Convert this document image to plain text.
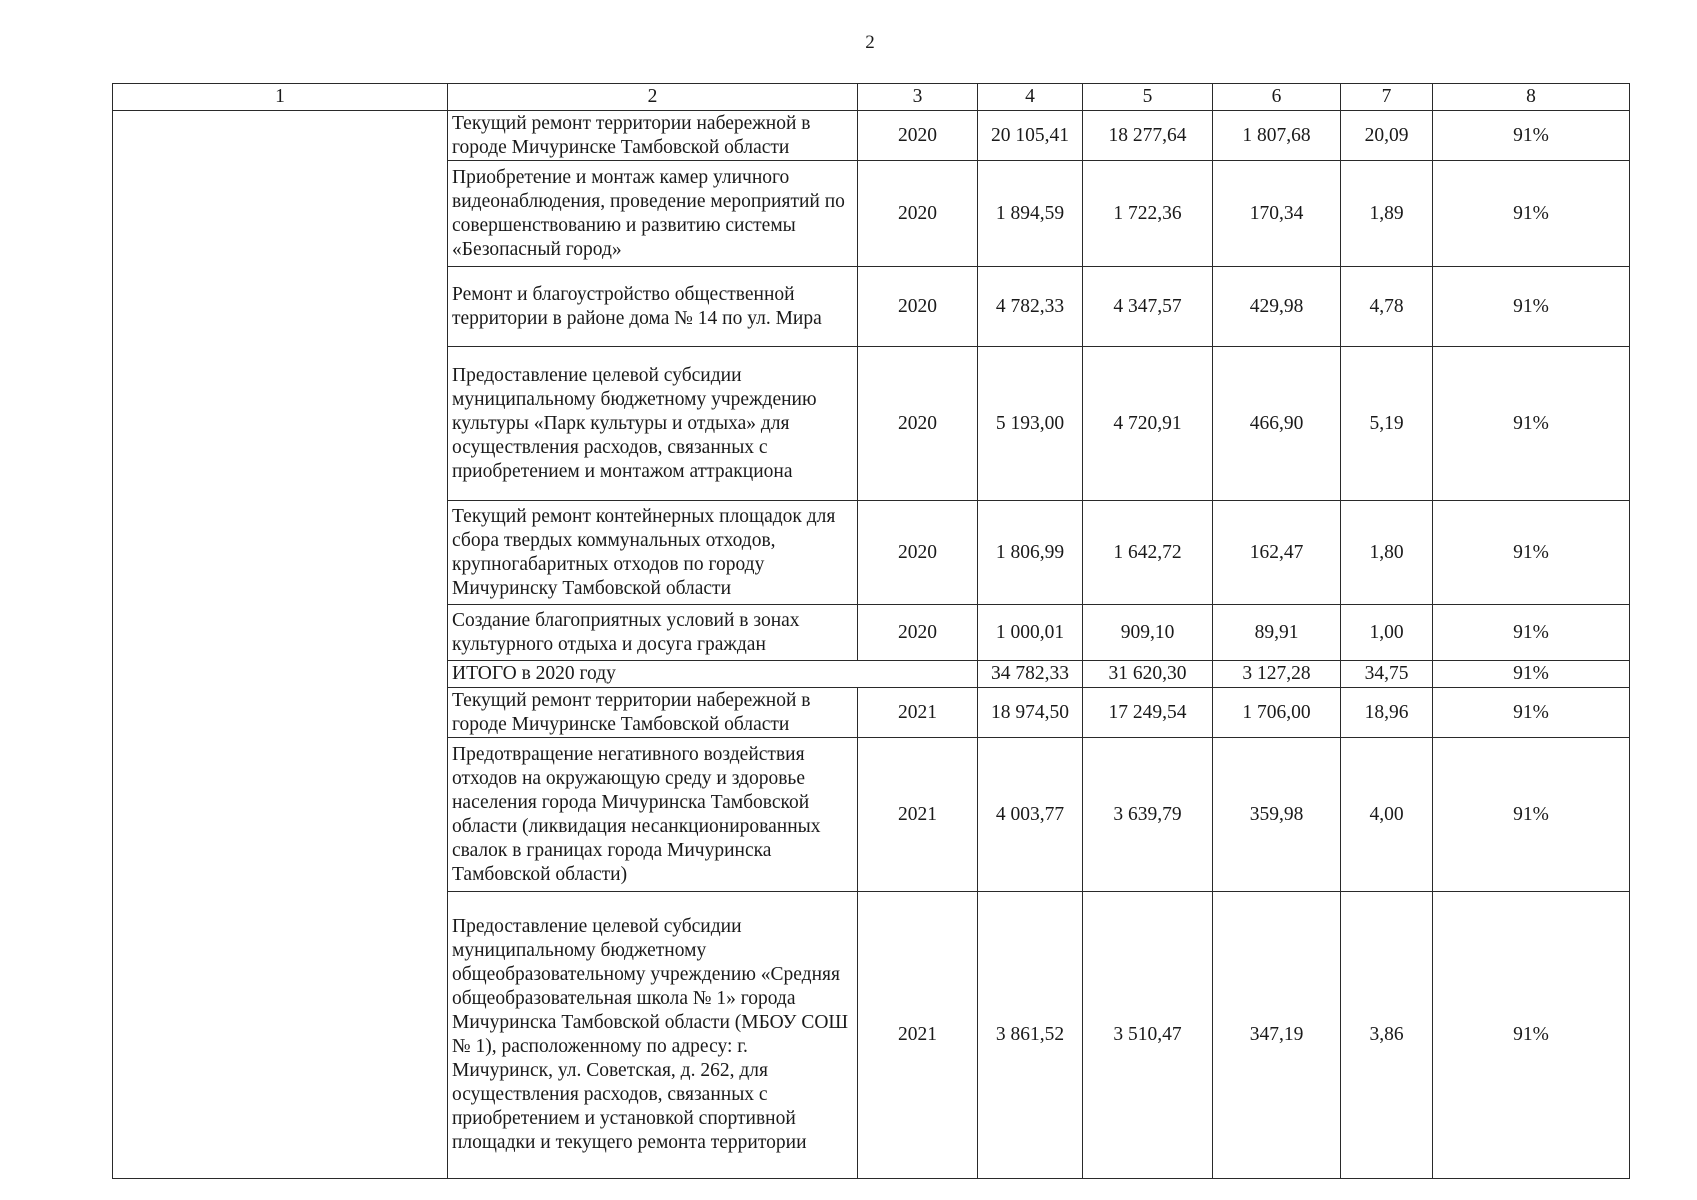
2
1	2	3	4	5	6	7	8
	Текущий ремонт территории набережной в городе Мичуринске Тамбовской области	2020	20 105,41	18 277,64	1 807,68	20,09	91%
	Приобретение и монтаж камер уличного видеонаблюдения, проведение мероприятий по совершенствованию и развитию системы «Безопасный город»	2020	1 894,59	1 722,36	170,34	1,89	91%
	Ремонт и благоустройство общественной территории в районе дома № 14 по ул. Мира	2020	4 782,33	4 347,57	429,98	4,78	91%
	Предоставление целевой субсидии муниципальному бюджетному учреждению культуры «Парк культуры и отдыха» для осуществления расходов, связанных с приобретением и монтажом аттракциона	2020	5 193,00	4 720,91	466,90	5,19	91%
	Текущий ремонт контейнерных площадок для сбора твердых коммунальных отходов, крупногабаритных отходов по городу Мичуринску Тамбовской области	2020	1 806,99	1 642,72	162,47	1,80	91%
	Создание благоприятных условий в зонах культурного отдыха и досуга граждан	2020	1 000,01	909,10	89,91	1,00	91%
	ИТОГО в 2020 году		34 782,33	31 620,30	3 127,28	34,75	91%
	Текущий ремонт территории набережной в городе Мичуринске Тамбовской области	2021	18 974,50	17 249,54	1 706,00	18,96	91%
	Предотвращение негативного воздействия отходов на окружающую среду и здоровье населения города Мичуринска Тамбовской области (ликвидация несанкционированных свалок в границах города Мичуринска Тамбовской области)	2021	4 003,77	3 639,79	359,98	4,00	91%
	Предоставление целевой субсидии муниципальному бюджетному общеобразовательному учреждению «Средняя общеобразовательная школа № 1» города Мичуринска Тамбовской области (МБОУ СОШ № 1), расположенному по адресу: г. Мичуринск, ул. Советская, д. 262, для осуществления расходов, связанных с приобретением и установкой спортивной площадки и текущего ремонта территории	2021	3 861,52	3 510,47	347,19	3,86	91%
